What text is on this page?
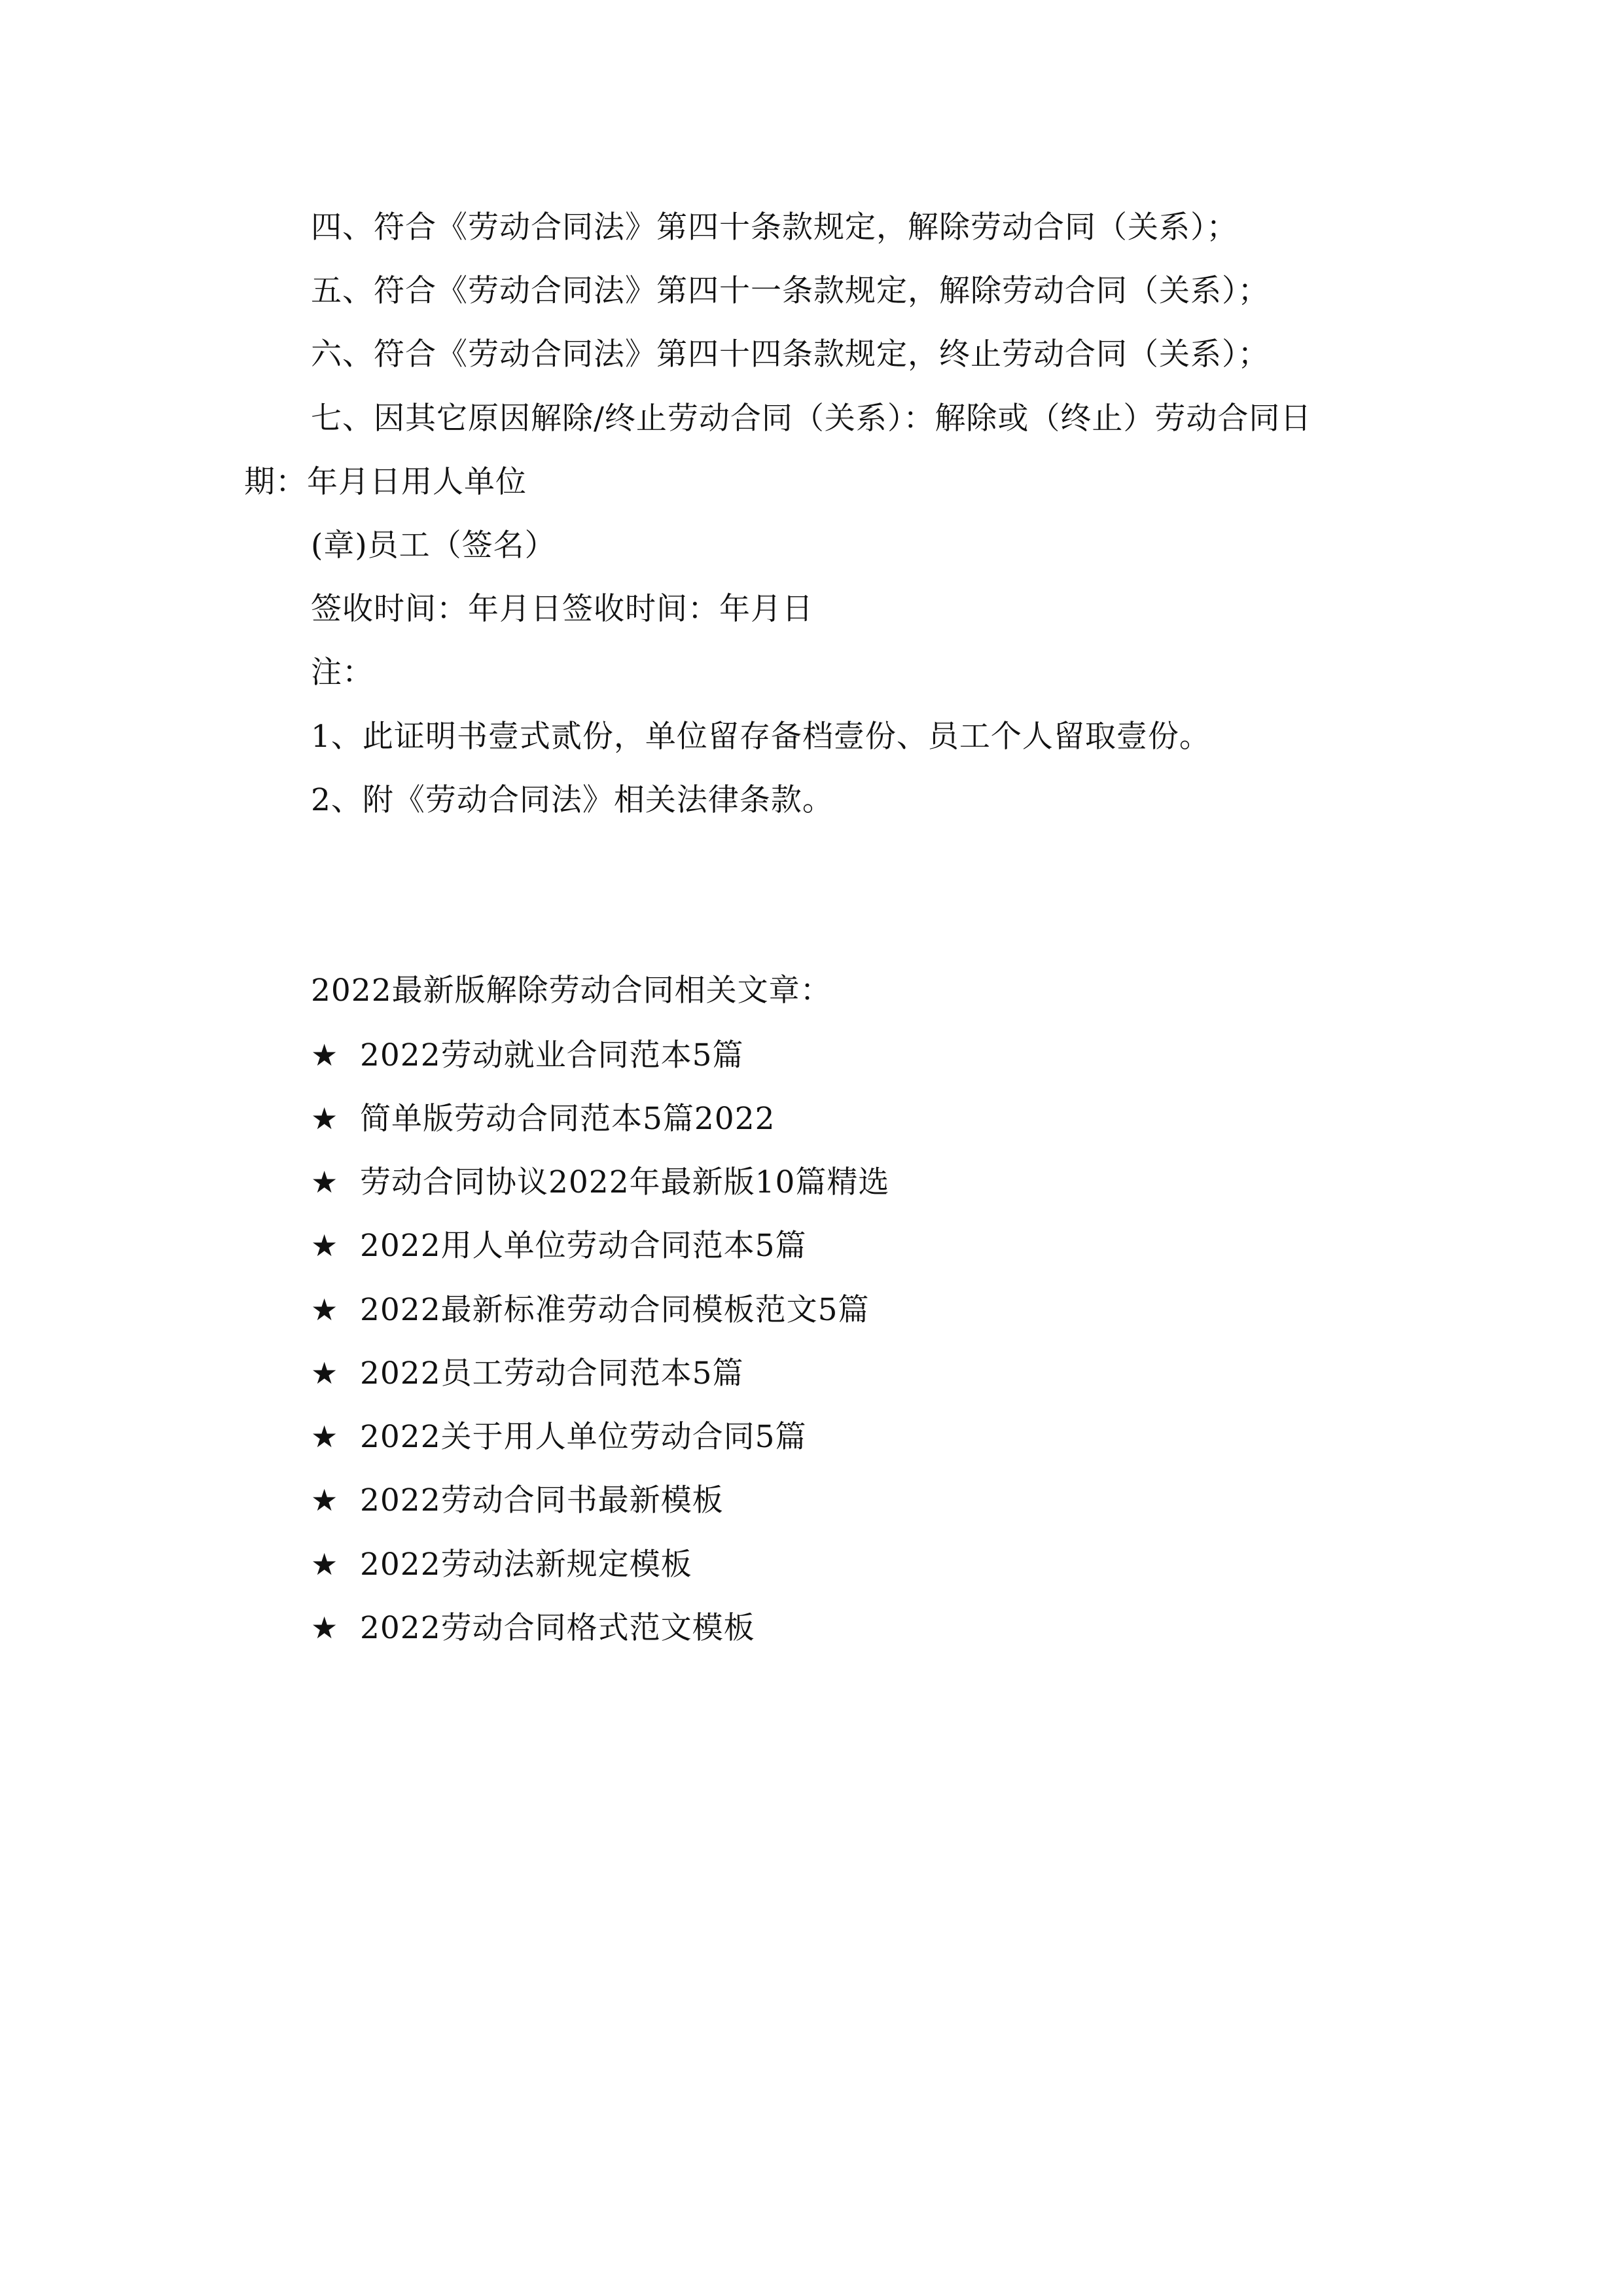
四、符合《劳动合同法》第四十条款规定，解除劳动合同（关系）；
五、符合《劳动合同法》第四十一条款规定，解除劳动合同（关系）；
六、符合《劳动合同法》第四十四条款规定，终止劳动合同（关系）；
七、因其它原因解除/终止劳动合同（关系）：解除或（终止）劳动合同日
期：年月日用人单位
(章)员工（签名）
签收时间：年月日签收时间：年月日
注：
1、此证明书壹式贰份，单位留存备档壹份、员工个人留取壹份。
2、附《劳动合同法》相关法律条款。
2022最新版解除劳动合同相关文章：
★ 2022劳动就业合同范本5篇
★ 简单版劳动合同范本5篇2022
★ 劳动合同协议2022年最新版10篇精选
★ 2022用人单位劳动合同范本5篇
★ 2022最新标准劳动合同模板范文5篇
★ 2022员工劳动合同范本5篇
★ 2022关于用人单位劳动合同5篇
★ 2022劳动合同书最新模板
★ 2022劳动法新规定模板
★ 2022劳动合同格式范文模板
